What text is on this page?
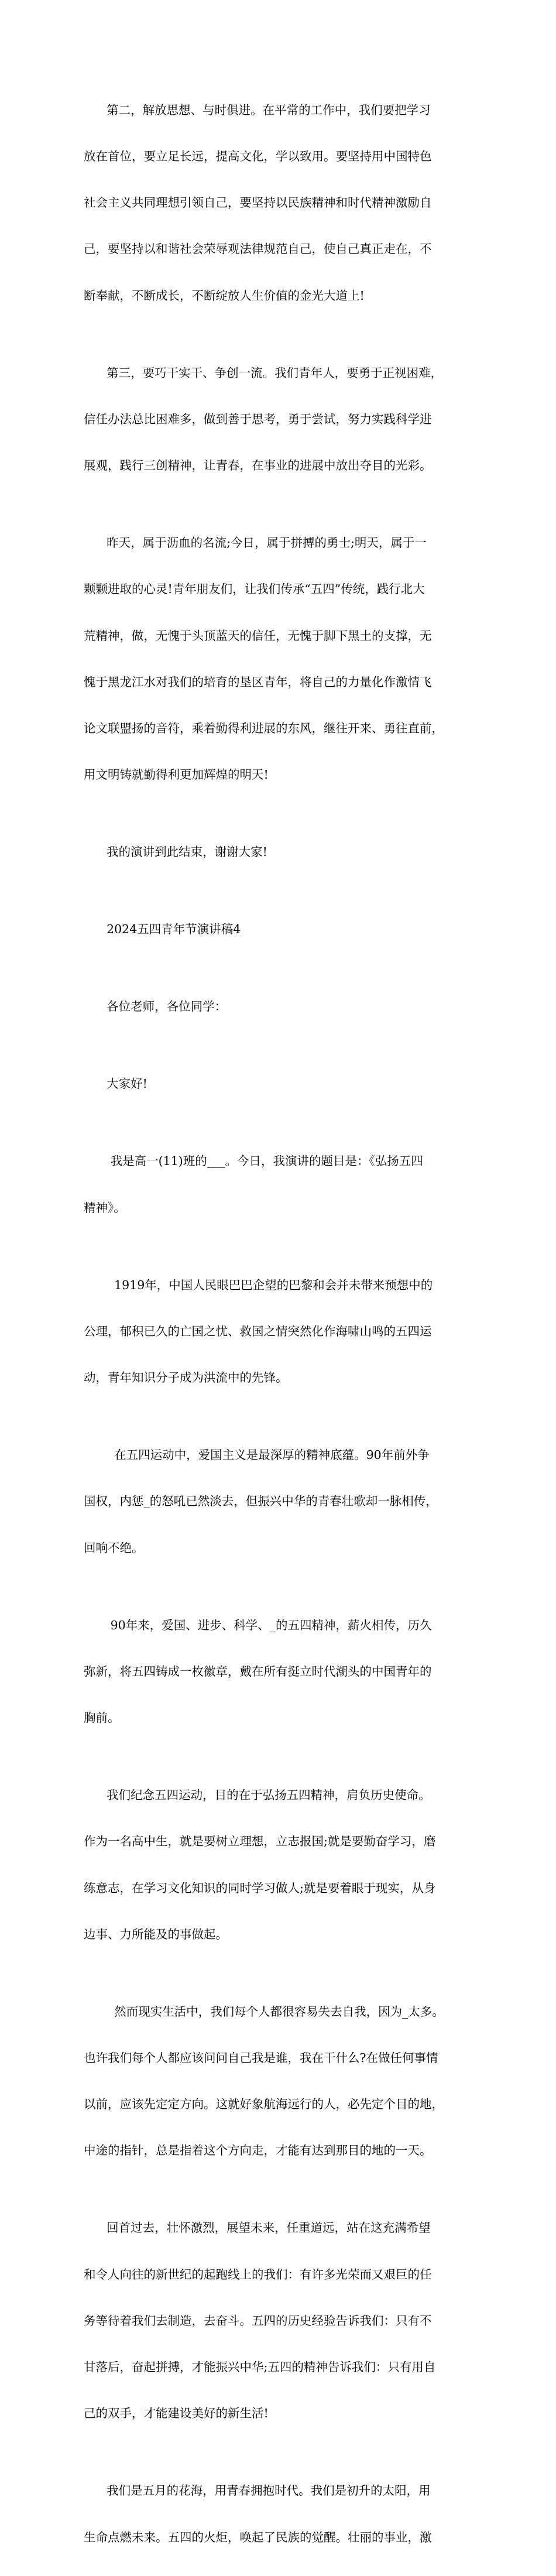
第二，解放思想、与时俱进。在平常的工作中，我们要把学习

放在首位，要立足长远，提高文化，学以致用。要坚持用中国特色

社会主义共同理想引领自己，要坚持以民族精神和时代精神激励自

己，要坚持以和谐社会荣辱观法律规范自己，使自己真正走在，不

断奉献，不断成长，不断绽放人生价值的金光大道上!

第三，要巧干实干、争创一流。我们青年人，要勇于正视困难，

信任办法总比困难多，做到善于思考，勇于尝试，努力实践科学进

展观，践行三创精神，让青春，在事业的进展中放出夺目的光彩。

昨天，属于沥血的名流;今日，属于拼搏的勇士;明天，属于一

颗颗进取的心灵!青年朋友们，让我们传承“五四”传统，践行北大

荒精神，做，无愧于头顶蓝天的信任，无愧于脚下黑土的支撑，无

愧于黑龙江水对我们的培育的垦区青年，将自己的力量化作激情飞

论文联盟扬的音符，乘着勤得利进展的东风，继往开来、勇往直前，

用文明铸就勤得利更加辉煌的明天!

我的演讲到此结束，谢谢大家!

2024五四青年节演讲稿4

各位老师，各位同学：

大家好!

我是高一(11)班的___。今日，我演讲的题目是：《弘扬五四

精神》。

1919年，中国人民眼巴巴企望的巴黎和会并未带来预想中的

公理，郁积已久的亡国之忧、救国之情突然化作海啸山鸣的五四运

动，青年知识分子成为洪流中的先锋。

在五四运动中，爱国主义是最深厚的精神底蕴。90年前外争

国权，内惩_的怒吼已然淡去，但振兴中华的青春壮歌却一脉相传，

回响不绝。

90年来，爱国、进步、科学、_的五四精神，薪火相传，历久

弥新，将五四铸成一枚徽章，戴在所有挺立时代潮头的中国青年的

胸前。

我们纪念五四运动，目的在于弘扬五四精神，肩负历史使命。

作为一名高中生，就是要树立理想，立志报国;就是要勤奋学习，磨

练意志，在学习文化知识的同时学习做人;就是要着眼于现实，从身

边事、力所能及的事做起。

然而现实生活中，我们每个人都很容易失去自我，因为_太多。

也许我们每个人都应该问问自己我是谁，我在干什么?在做任何事情

以前，应该先定定方向。这就好象航海远行的人，必先定个目的地，

中途的指针，总是指着这个方向走，才能有达到那目的地的一天。

回首过去，壮怀激烈，展望未来，任重道远，站在这充满希望

和令人向往的新世纪的起跑线上的我们：有许多光荣而又艰巨的任

务等待着我们去制造，去奋斗。五四的历史经验告诉我们：只有不

甘落后，奋起拼搏，才能振兴中华;五四的精神告诉我们：只有用自

己的双手，才能建设美好的新生活!

我们是五月的花海，用青春拥抱时代。我们是初升的太阳，用

生命点燃未来。五四的火炬，唤起了民族的觉醒。壮丽的事业，激
